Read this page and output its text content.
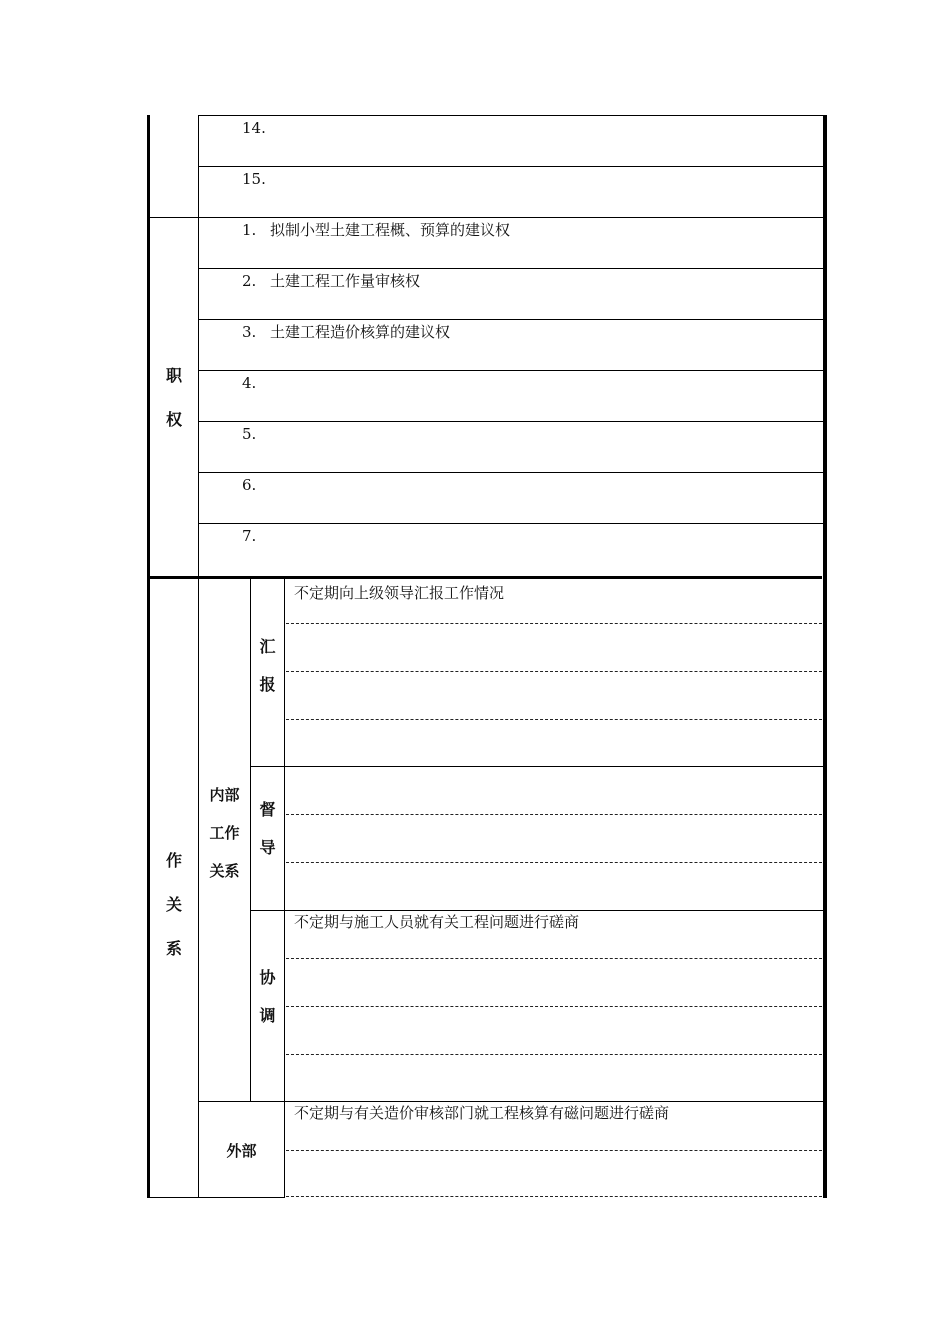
14.
15.
职
权
1. 拟制小型土建工程概、预算的建议权
2. 土建工程工作量审核权
3. 土建工程造价核算的建议权
4.
5.
6.
7.
作
关
系
内部
工作
关系
汇
报
不定期向上级领导汇报工作情况
督
导
协
调
不定期与施工人员就有关工程问题进行磋商
外部
不定期与有关造价审核部门就工程核算有磁问题进行磋商
